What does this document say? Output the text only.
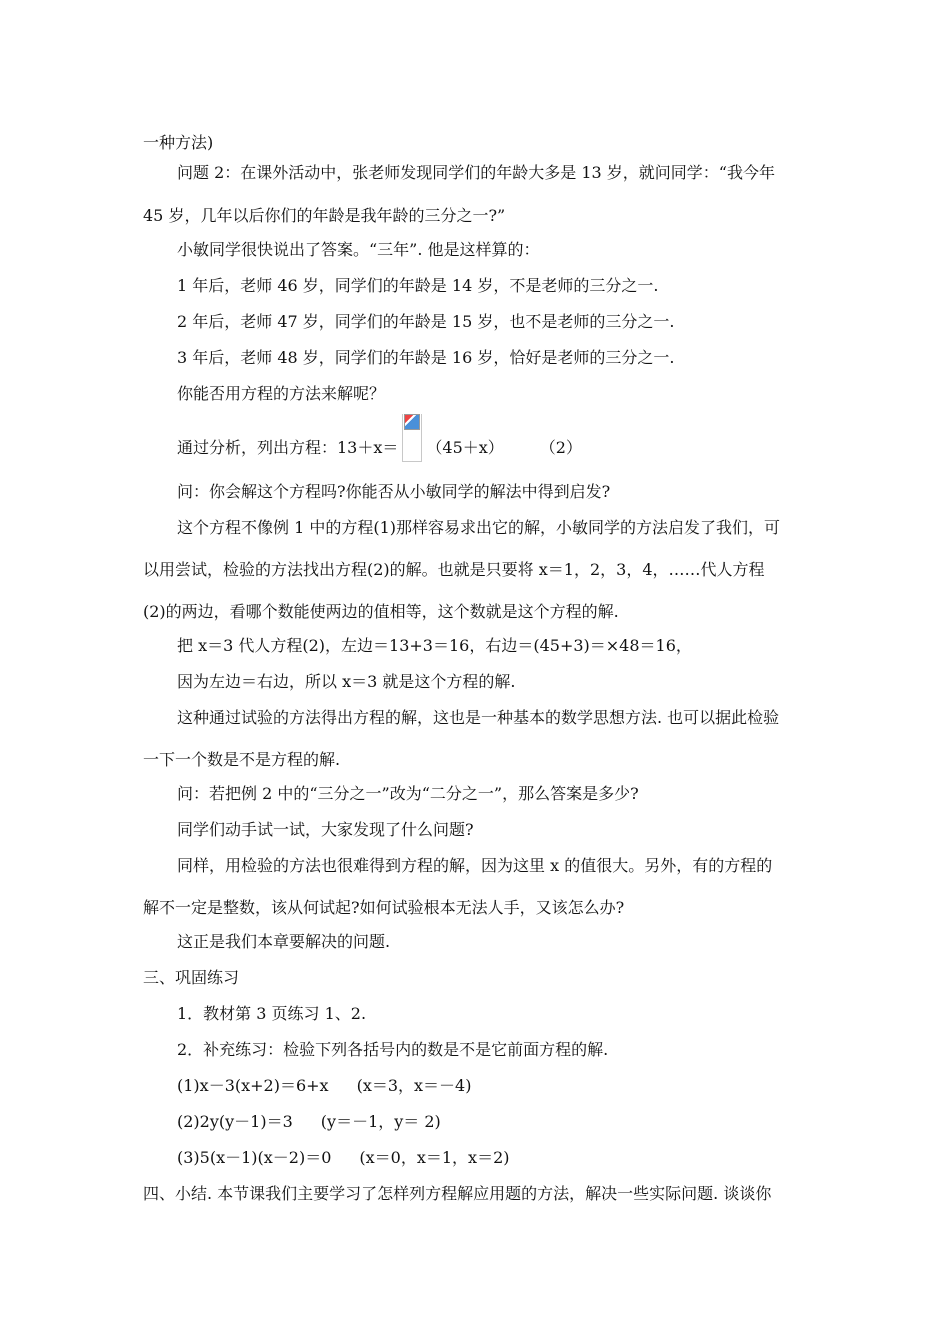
一种方法)
问题 2：在课外活动中，张老师发现同学们的年龄大多是 13 岁，就问同学：“我今年
45 岁，几年以后你们的年龄是我年龄的三分之一?”
小敏同学很快说出了答案。“三年”. 他是这样算的：
1 年后，老师 46 岁，同学们的年龄是 14 岁，不是老师的三分之一.
2 年后，老师 47 岁，同学们的年龄是 15 岁，也不是老师的三分之一.
3 年后，老师 48 岁，同学们的年龄是 16 岁，恰好是老师的三分之一.
你能否用方程的方法来解呢？
通过分析，列出方程：13＋x＝ （45＋x） （2）
问：你会解这个方程吗?你能否从小敏同学的解法中得到启发?
这个方程不像例 1 中的方程(1)那样容易求出它的解，小敏同学的方法启发了我们，可
以用尝试，检验的方法找出方程(2)的解。也就是只要将 x＝1，2，3，4，……代人方程
(2)的两边，看哪个数能使两边的值相等，这个数就是这个方程的解.
把 x＝3 代人方程(2)，左边＝13+3＝16，右边＝(45+3)＝×48＝16，
因为左边＝右边，所以 x＝3 就是这个方程的解.
这种通过试验的方法得出方程的解，这也是一种基本的数学思想方法. 也可以据此检验
一下一个数是不是方程的解.
问：若把例 2 中的“三分之一”改为“二分之一”，那么答案是多少?
同学们动手试一试，大家发现了什么问题?
同样，用检验的方法也很难得到方程的解，因为这里 x 的值很大。另外，有的方程的
解不一定是整数，该从何试起?如何试验根本无法人手，又该怎么办?
这正是我们本章要解决的问题.
三、巩固练习
1．教材第 3 页练习 1、2.
2．补充练习：检验下列各括号内的数是不是它前面方程的解.
(1)x－3(x+2)＝6+x (x＝3，x＝－4)
(2)2y(y－1)＝3 (y＝－1，y＝ 2)
(3)5(x－1)(x－2)＝0 (x＝0，x＝1，x＝2)
四、小结. 本节课我们主要学习了怎样列方程解应用题的方法，解决一些实际问题. 谈谈你
